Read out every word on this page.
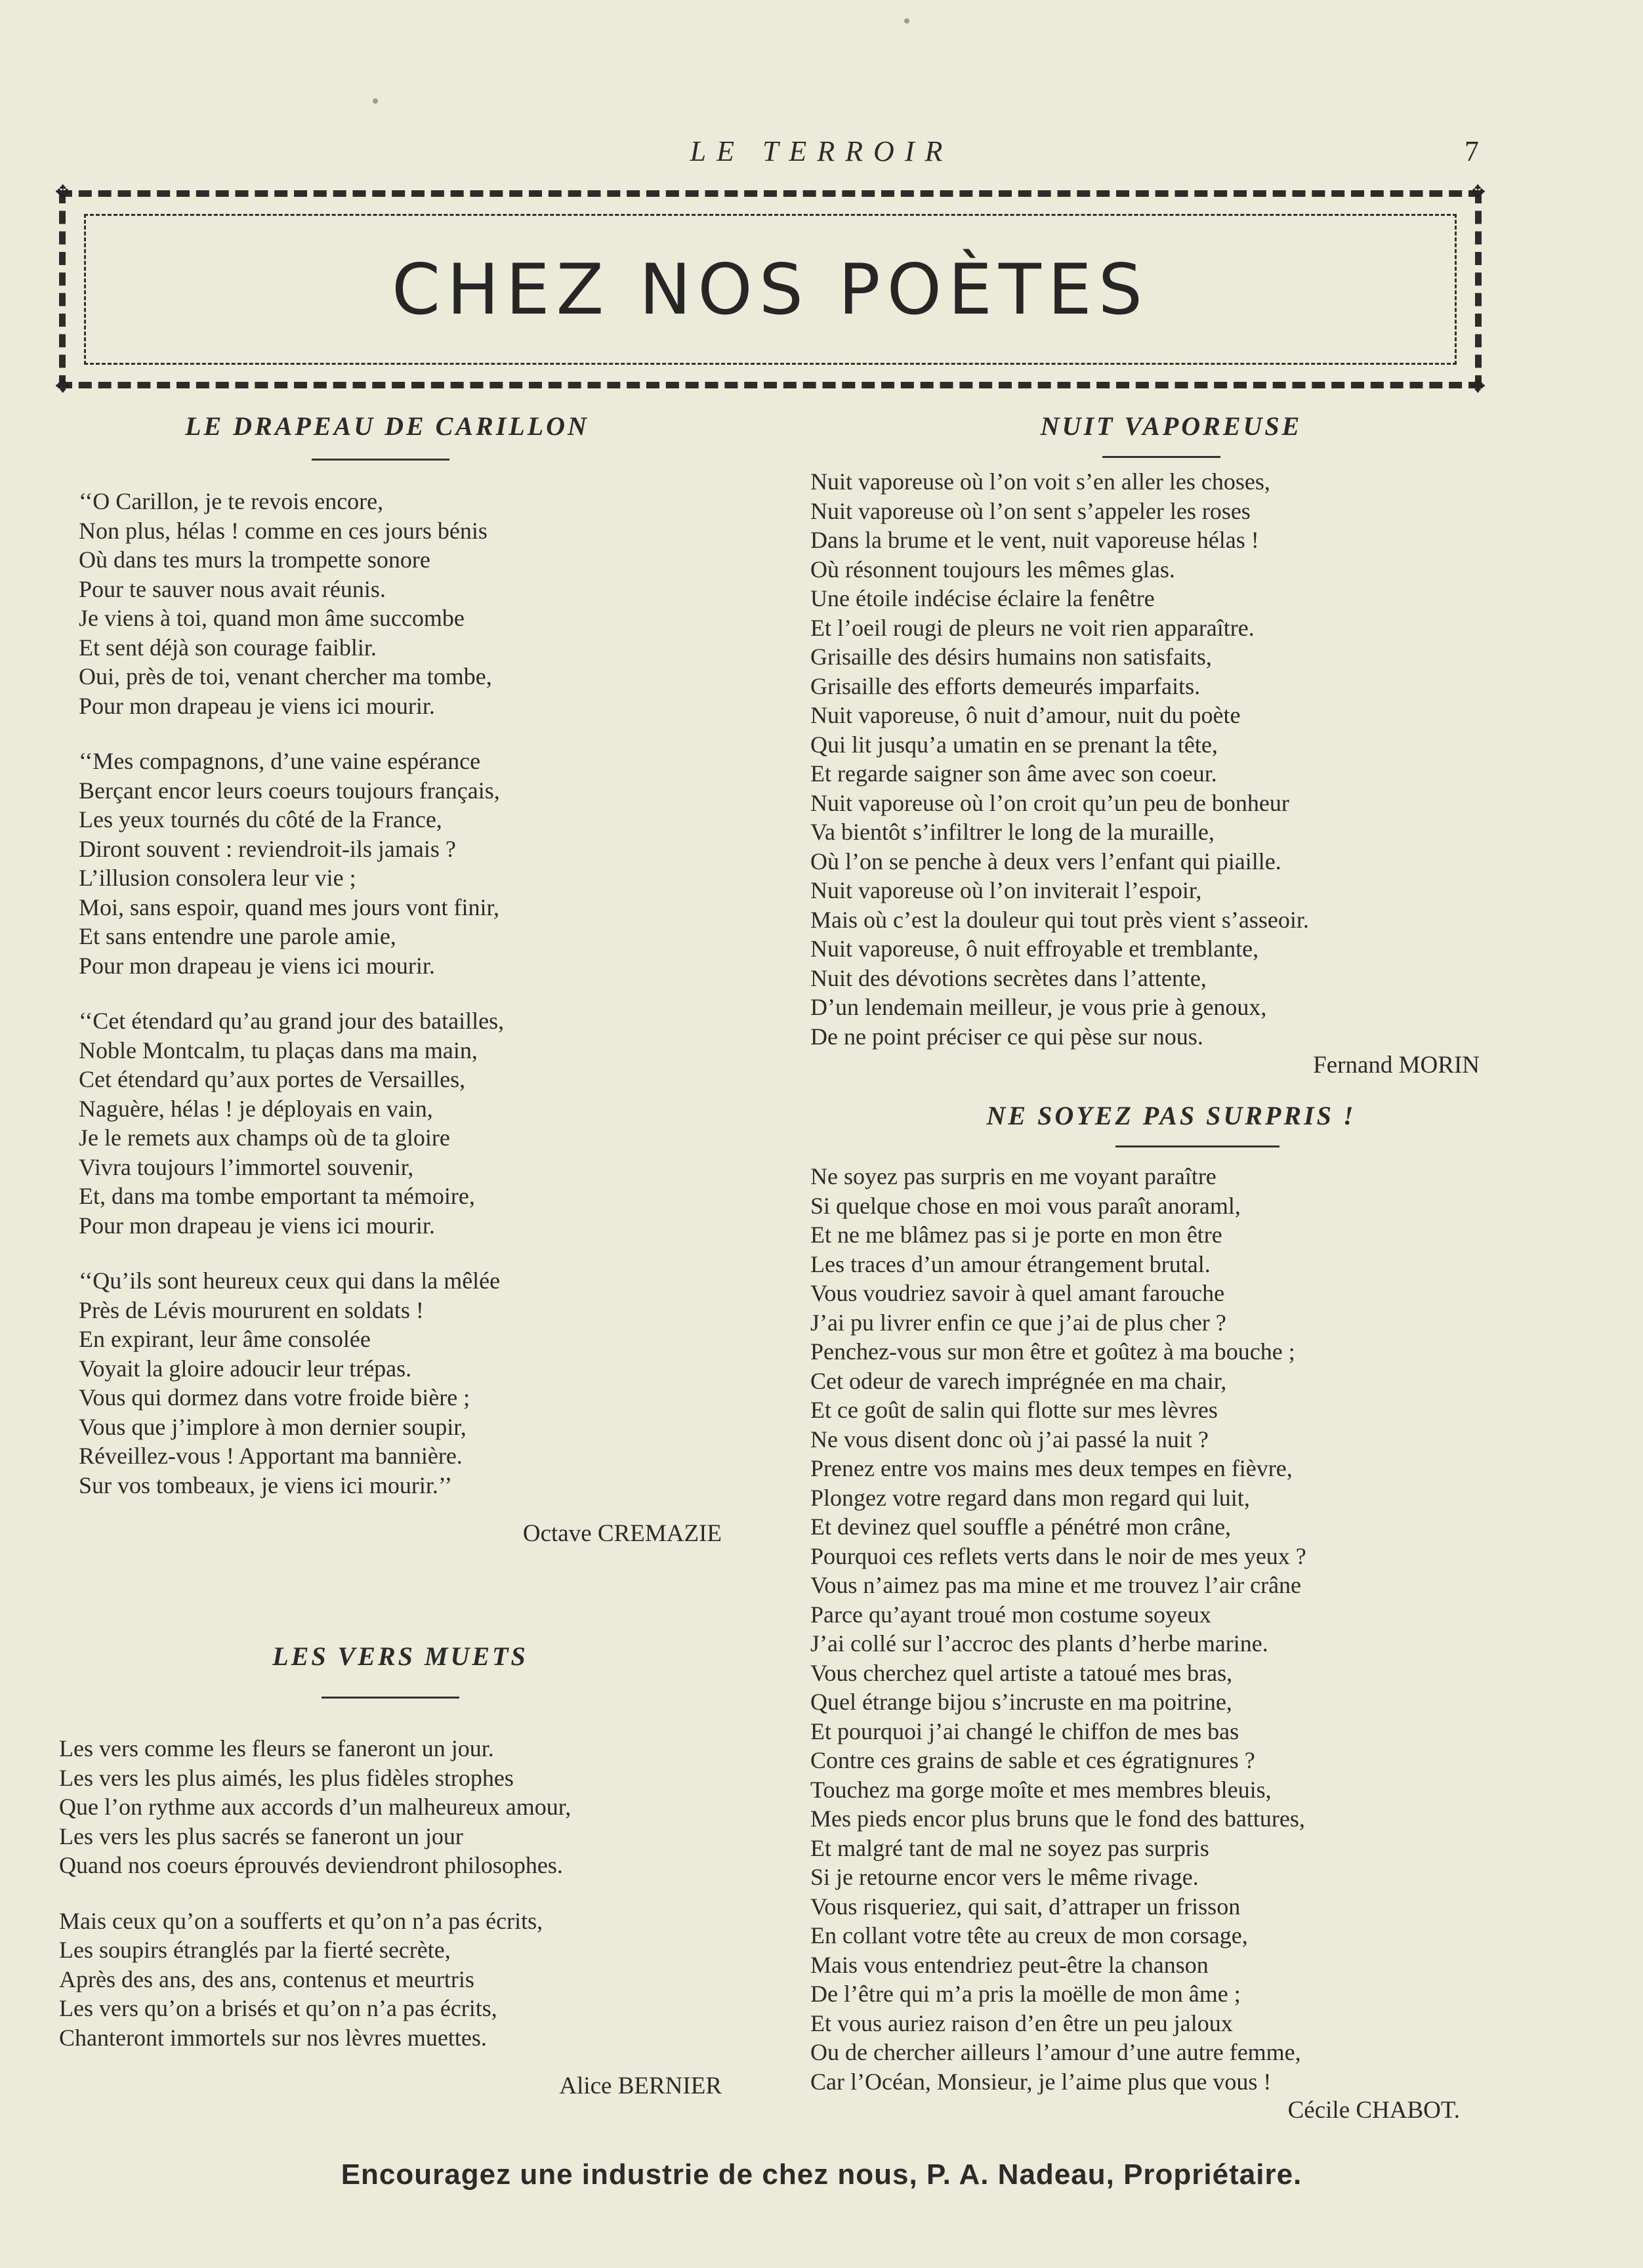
LE TERROIR	7
✥	✥
✥	✥
CHEZ NOS POÈTES
LE DRAPEAU DE CARILLON
‘‘O Carillon, je te revois encore,
Non plus, hélas ! comme en ces jours bénis
Où dans tes murs la trompette sonore
Pour te sauver nous avait réunis.
Je viens à toi, quand mon âme succombe
Et sent déjà son courage faiblir.
Oui, près de toi, venant chercher ma tombe,
Pour mon drapeau je viens ici mourir.
‘‘Mes compagnons, d’une vaine espérance
Berçant encor leurs coeurs toujours français,
Les yeux tournés du côté de la France,
Diront souvent : reviendroit-ils jamais ?
L’illusion consolera leur vie ;
Moi, sans espoir, quand mes jours vont finir,
Et sans entendre une parole amie,
Pour mon drapeau je viens ici mourir.
‘‘Cet étendard qu’au grand jour des batailles,
Noble Montcalm, tu plaças dans ma main,
Cet étendard qu’aux portes de Versailles,
Naguère, hélas ! je déployais en vain,
Je le remets aux champs où de ta gloire
Vivra toujours l’immortel souvenir,
Et, dans ma tombe emportant ta mémoire,
Pour mon drapeau je viens ici mourir.
‘‘Qu’ils sont heureux ceux qui dans la mêlée
Près de Lévis moururent en soldats !
En expirant, leur âme consolée
Voyait la gloire adoucir leur trépas.
Vous qui dormez dans votre froide bière ;
Vous que j’implore à mon dernier soupir,
Réveillez-vous ! Apportant ma bannière.
Sur vos tombeaux, je viens ici mourir.’’
Octave CREMAZIE
LES VERS MUETS
Les vers comme les fleurs se faneront un jour.
Les vers les plus aimés, les plus fidèles strophes
Que l’on rythme aux accords d’un malheureux amour,
Les vers les plus sacrés se faneront un jour
Quand nos coeurs éprouvés deviendront philosophes.
Mais ceux qu’on a soufferts et qu’on n’a pas écrits,
Les soupirs étranglés par la fierté secrète,
Après des ans, des ans, contenus et meurtris
Les vers qu’on a brisés et qu’on n’a pas écrits,
Chanteront immortels sur nos lèvres muettes.
Alice BERNIER
NUIT VAPOREUSE
Nuit vaporeuse où l’on voit s’en aller les choses,
Nuit vaporeuse où l’on sent s’appeler les roses
Dans la brume et le vent, nuit vaporeuse hélas !
Où résonnent toujours les mêmes glas.
Une étoile indécise éclaire la fenêtre
Et l’oeil rougi de pleurs ne voit rien apparaître.
Grisaille des désirs humains non satisfaits,
Grisaille des efforts demeurés imparfaits.
Nuit vaporeuse, ô nuit d’amour, nuit du poète
Qui lit jusqu’a umatin en se prenant la tête,
Et regarde saigner son âme avec son coeur.
Nuit vaporeuse où l’on croit qu’un peu de bonheur
Va bientôt s’infiltrer le long de la muraille,
Où l’on se penche à deux vers l’enfant qui piaille.
Nuit vaporeuse où l’on inviterait l’espoir,
Mais où c’est la douleur qui tout près vient s’asseoir.
Nuit vaporeuse, ô nuit effroyable et tremblante,
Nuit des dévotions secrètes dans l’attente,
D’un lendemain meilleur, je vous prie à genoux,
De ne point préciser ce qui pèse sur nous.
Fernand MORIN
NE SOYEZ PAS SURPRIS !
Ne soyez pas surpris en me voyant paraître
Si quelque chose en moi vous paraît anoraml,
Et ne me blâmez pas si je porte en mon être
Les traces d’un amour étrangement brutal.
Vous voudriez savoir à quel amant farouche
J’ai pu livrer enfin ce que j’ai de plus cher ?
Penchez-vous sur mon être et goûtez à ma bouche ;
Cet odeur de varech imprégnée en ma chair,
Et ce goût de salin qui flotte sur mes lèvres
Ne vous disent donc où j’ai passé la nuit ?
Prenez entre vos mains mes deux tempes en fièvre,
Plongez votre regard dans mon regard qui luit,
Et devinez quel souffle a pénétré mon crâne,
Pourquoi ces reflets verts dans le noir de mes yeux ?
Vous n’aimez pas ma mine et me trouvez l’air crâne
Parce qu’ayant troué mon costume soyeux
J’ai collé sur l’accroc des plants d’herbe marine.
Vous cherchez quel artiste a tatoué mes bras,
Quel étrange bijou s’incruste en ma poitrine,
Et pourquoi j’ai changé le chiffon de mes bas
Contre ces grains de sable et ces égratignures ?
Touchez ma gorge moîte et mes membres bleuis,
Mes pieds encor plus bruns que le fond des battures,
Et malgré tant de mal ne soyez pas surpris
Si je retourne encor vers le même rivage.
Vous risqueriez, qui sait, d’attraper un frisson
En collant votre tête au creux de mon corsage,
Mais vous entendriez peut-être la chanson
De l’être qui m’a pris la moëlle de mon âme ;
Et vous auriez raison d’en être un peu jaloux
Ou de chercher ailleurs l’amour d’une autre femme,
Car l’Océan, Monsieur, je l’aime plus que vous !
Cécile CHABOT.
Encouragez une industrie de chez nous, P. A. Nadeau, Propriétaire.
